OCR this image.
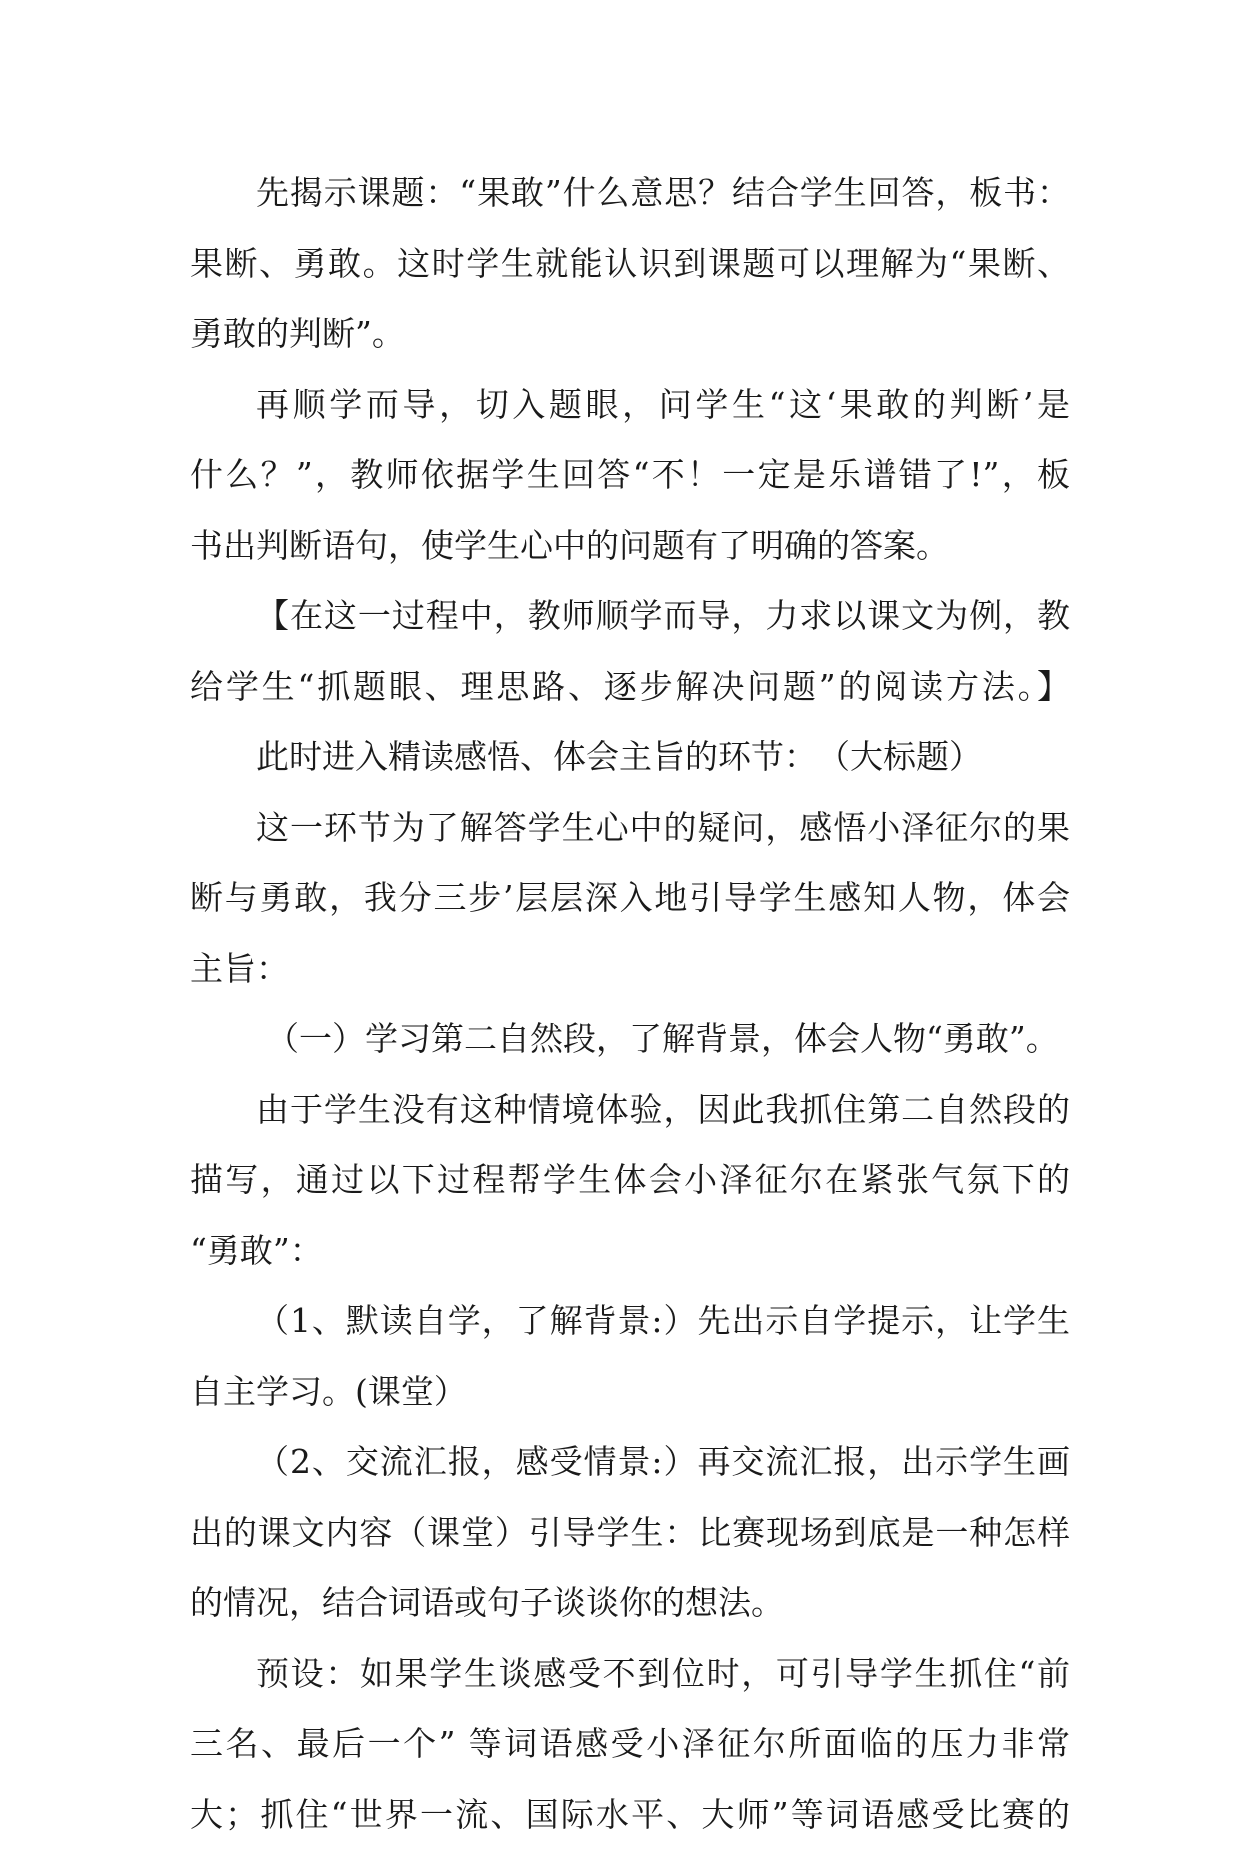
先揭示课题：“果敢”什么意思？结合学生回答，板书：
果断、勇敢。这时学生就能认识到课题可以理解为“果断、
勇敢的判断”。
再顺学而导，切入题眼，问学生“这‘果敢的判断’是
什么？”，教师依据学生回答“不！一定是乐谱错了!”，板
书出判断语句，使学生心中的问题有了明确的答案。
【在这一过程中，教师顺学而导，力求以课文为例，教
给学生“抓题眼、理思路、逐步解决问题”的阅读方法。】
此时进入精读感悟、体会主旨的环节：　（大标题）
这一环节为了解答学生心中的疑问，感悟小泽征尔的果
断与勇敢，我分三步’层层深入地引导学生感知人物，体会
主旨：
（一）学习第二自然段，了解背景，体会人物“勇敢”。
由于学生没有这种情境体验，因此我抓住第二自然段的
描写，通过以下过程帮学生体会小泽征尔在紧张气氛下的
“勇敢”：
（1、默读自学，了解背景:）先出示自学提示，让学生
自主学习。(课堂）
（2、交流汇报，感受情景:）再交流汇报，出示学生画
出的课文内容（课堂）引导学生：比赛现场到底是一种怎样
的情况，结合词语或句子谈谈你的想法。
预设：如果学生谈感受不到位时，可引导学生抓住“前
三名、最后一个” 等词语感受小泽征尔所面临的压力非常
大；抓住“世界一流、国际水平、大师”等词语感受比赛的
